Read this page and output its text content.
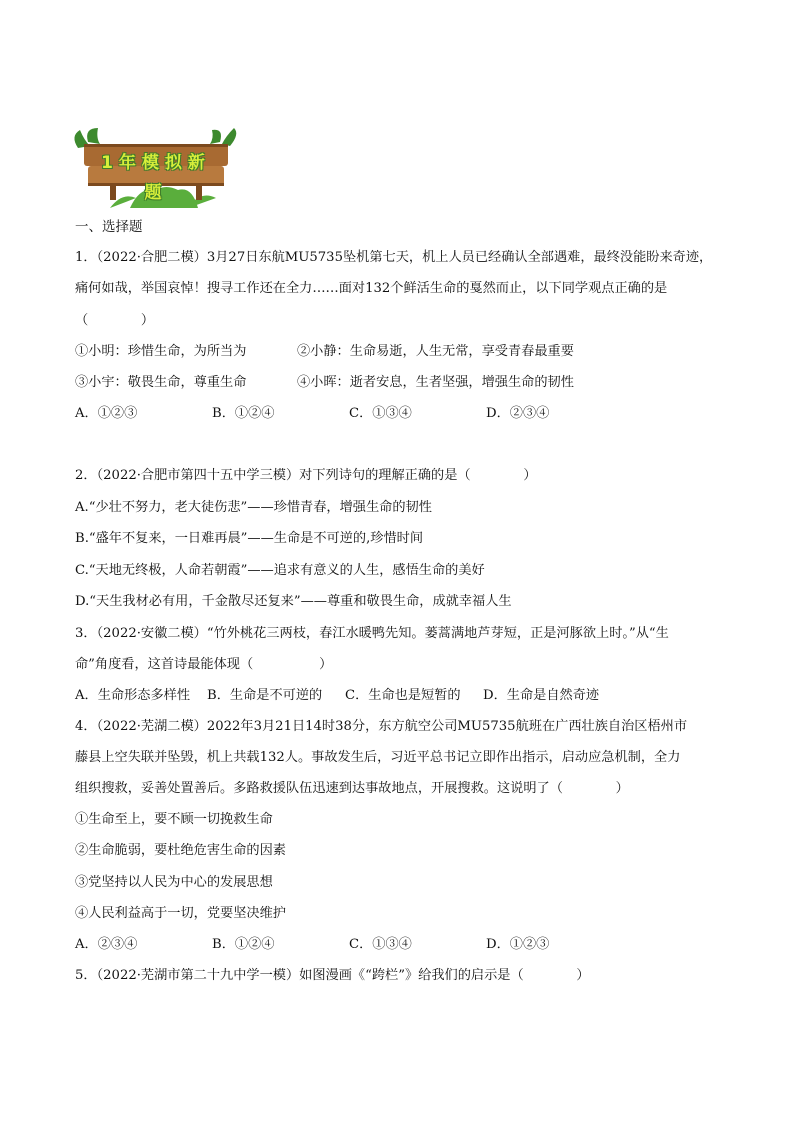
1年模拟新题
一、选择题
1．（2022·合肥二模）3月27日东航MU5735坠机第七天，机上人员已经确认全部遇难，最终没能盼来奇迹，
痛何如哉，举国哀悼！搜寻工作还在全力……面对132个鲜活生命的戛然而止，以下同学观点正确的是
（　　　　）
①小明：珍惜生命，为所当为	②小静：生命易逝，人生无常，享受青春最重要
③小宇：敬畏生命，尊重生命	④小晖：逝者安息，生者坚强，增强生命的韧性
A．①②③	B．①②④	C．①③④	D．②③④
2．（2022·合肥市第四十五中学三模）对下列诗句的理解正确的是（　　　　）
A.“少壮不努力，老大徒伤悲”——珍惜青春，增强生命的韧性
B.“盛年不复来，一日难再晨”——生命是不可逆的,珍惜时间
C.“天地无终极，人命若朝霞”——追求有意义的人生，感悟生命的美好
D.“天生我材必有用，千金散尽还复来”——尊重和敬畏生命，成就幸福人生
3．（2022·安徽二模）“竹外桃花三两枝，春江水暖鸭先知。蒌蒿满地芦芽短，正是河豚欲上时。”从“生
命”角度看，这首诗最能体现（　　　　　）
A．生命形态多样性 B．生命是不可逆的 C．生命也是短暂的 D．生命是自然奇迹
4．（2022·芜湖二模）2022年3月21日14时38分，东方航空公司MU5735航班在广西壮族自治区梧州市
藤县上空失联并坠毁，机上共载132人。事故发生后，习近平总书记立即作出指示，启动应急机制，全力
组织搜救，妥善处置善后。多路救援队伍迅速到达事故地点，开展搜救。这说明了（　　　　）
①生命至上，要不顾一切挽救生命
②生命脆弱，要杜绝危害生命的因素
③党坚持以人民为中心的发展思想
④人民利益高于一切，党要坚决维护
A．②③④	B．①②④	C．①③④	D．①②③
5．（2022·芜湖市第二十九中学一模）如图漫画《“跨栏”》给我们的启示是（　　　　）
